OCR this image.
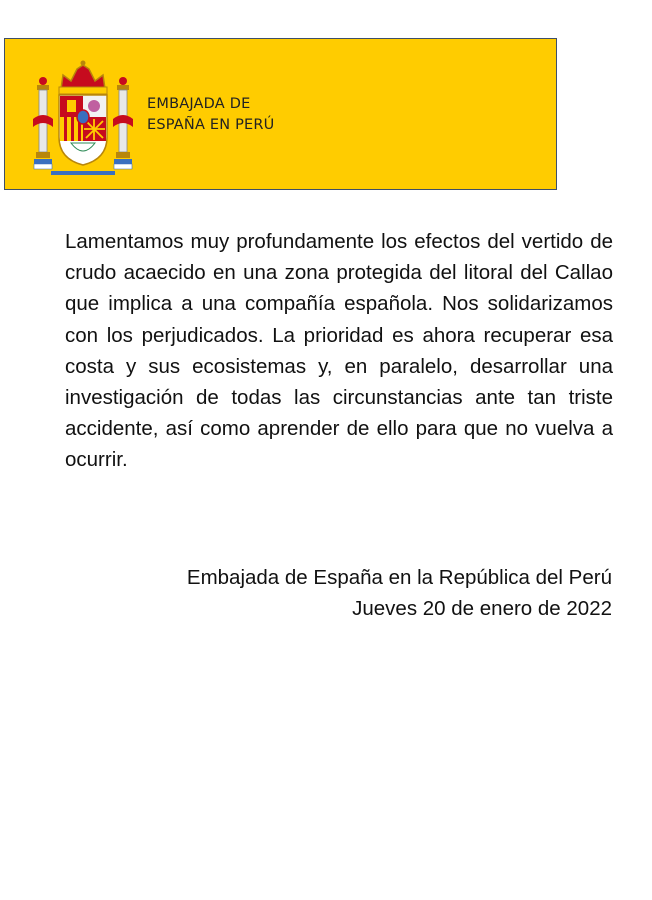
EMBAJADA DE
ESPAÑA EN PERÚ

Lamentamos muy profundamente los efectos del vertido de crudo acaecido en una zona protegida del litoral del Callao que implica a una compañía española. Nos solidarizamos con los perjudicados. La prioridad es ahora recuperar esa costa y sus ecosistemas y, en paralelo, desarrollar una investigación de todas las circunstancias ante tan triste accidente, así como aprender de ello para que no vuelva a ocurrir.

Embajada de España en la República del Perú
Jueves 20 de enero de 2022
